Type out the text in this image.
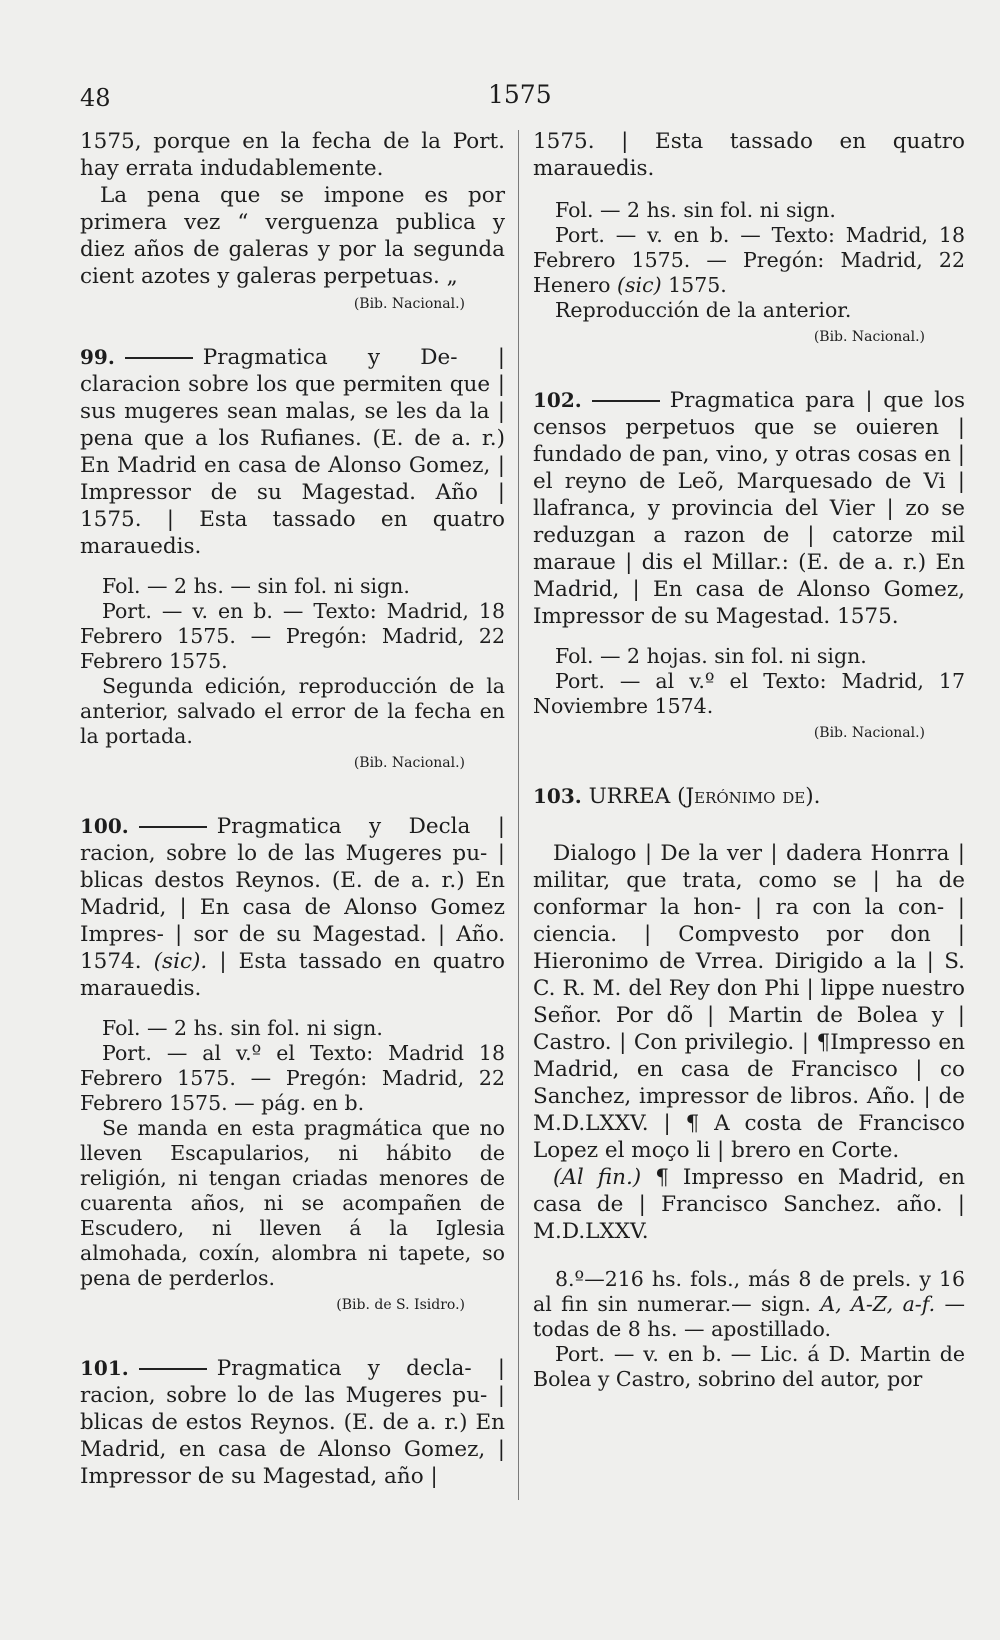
48	1575

1575, porque en la fecha de la Port. hay errata indudablemente.

La pena que se impone es por primera vez “ verguenza publica y diez años de galeras y por la segunda cient azotes y galeras perpetuas. „

(Bib. Nacional.)

99.	Pragmatica y De- | claracion sobre los que permiten que | sus mugeres sean malas, se les da la | pena que a los Rufianes. (E. de a. r.) En Madrid en casa de Alonso Gomez, | Impressor de su Magestad. Año | 1575. | Esta tassado en quatro marauedis.

Fol. — 2 hs. — sin fol. ni sign.

Port. — v. en b. — Texto: Madrid, 18 Febrero 1575. — Pregón: Madrid, 22 Febrero 1575.

Segunda edición, reproducción de la anterior, salvado el error de la fecha en la portada.

(Bib. Nacional.)

100.	Pragmatica y Decla | racion, sobre lo de las Mugeres pu- | blicas destos Reynos. (E. de a. r.) En Madrid, | En casa de Alonso Gomez Impres- | sor de su Magestad. | Año. 1574. (sic). | Esta tassado en quatro marauedis.

Fol. — 2 hs. sin fol. ni sign.

Port. — al v.º el Texto: Madrid 18 Febrero 1575. — Pregón: Madrid, 22 Febrero 1575. — pág. en b.

Se manda en esta pragmática que no lleven Escapularios, ni hábito de religión, ni tengan criadas menores de cuarenta años, ni se acompañen de Escudero, ni lleven á la Iglesia almohada, coxín, alombra ni tapete, so pena de perderlos.

(Bib. de S. Isidro.)

101.	Pragmatica y decla- | racion, sobre lo de las Mugeres pu- | blicas de estos Reynos. (E. de a. r.) En Madrid, en casa de Alonso Gomez, | Impressor de su Magestad, año |

1575. | Esta tassado en quatro marauedis.

Fol. — 2 hs. sin fol. ni sign.

Port. — v. en b. — Texto: Madrid, 18 Febrero 1575. — Pregón: Madrid, 22 Henero (sic) 1575.

Reproducción de la anterior.

(Bib. Nacional.)

102.	Pragmatica para | que los censos perpetuos que se ouieren | fundado de pan, vino, y otras cosas en | el reyno de Leõ, Marquesado de Vi | llafranca, y provincia del Vier | zo se reduzgan a razon de | catorze mil maraue | dis el Millar.: (E. de a. r.) En Madrid, | En casa de Alonso Gomez, Impressor de su Magestad. 1575.

Fol. — 2 hojas. sin fol. ni sign.

Port. — al v.º el Texto: Madrid, 17 Noviembre 1574.

(Bib. Nacional.)

103. URREA (Jerónimo de).

Dialogo | De la ver | dadera Honrra | militar, que trata, como se | ha de conformar la hon- | ra con la con- | ciencia. | Compvesto por don | Hieronimo de Vrrea. Dirigido a la | S. C. R. M. del Rey don Phi | lippe nuestro Señor. Por dõ | Martin de Bolea y | Castro. | Con privilegio. | ¶Impresso en Madrid, en casa de Francisco | co Sanchez, impressor de libros. Año. | de M.D.LXXV. | ¶ A costa de Francisco Lopez el moço li | brero en Corte.

(Al fin.) ¶ Impresso en Madrid, en casa de | Francisco Sanchez. año. | M.D.LXXV.

8.º—216 hs. fols., más 8 de prels. y 16 al fin sin numerar.— sign. A, A-Z, a-f. — todas de 8 hs. — apostillado.

Port. — v. en b. — Lic. á D. Martin de Bolea y Castro, sobrino del autor, por
